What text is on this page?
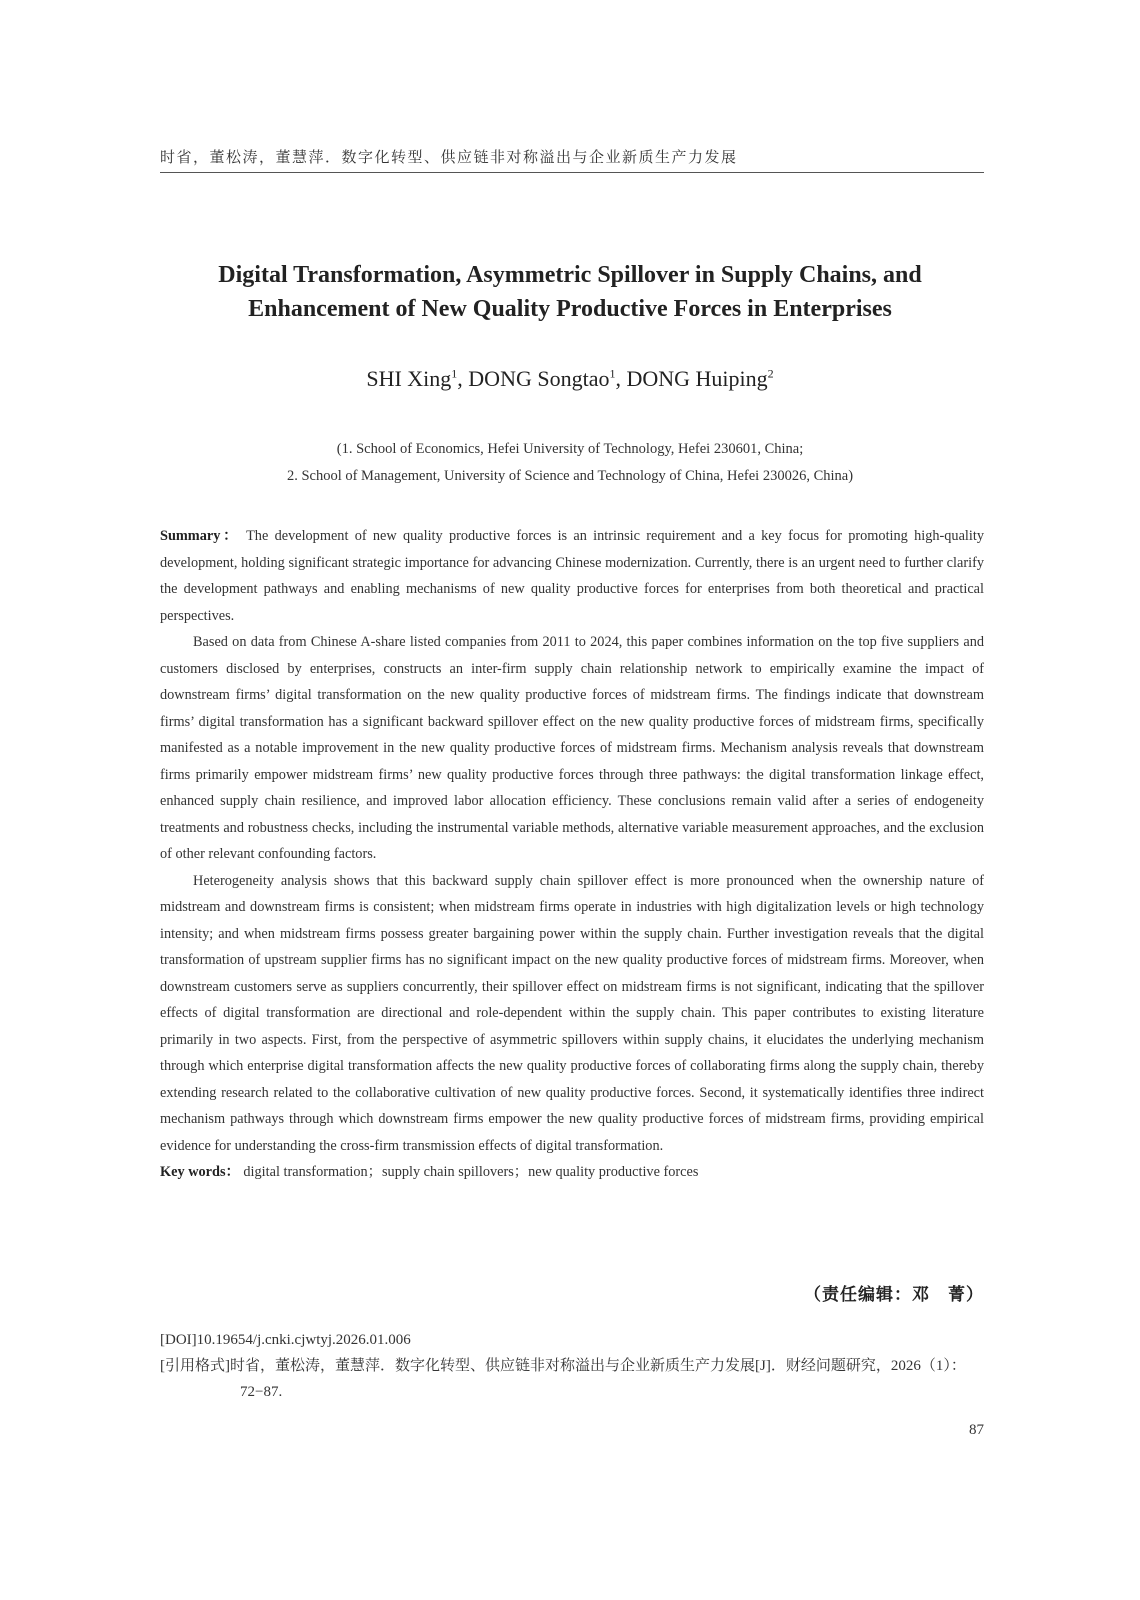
时省，董松涛，董慧萍．数字化转型、供应链非对称溢出与企业新质生产力发展
Digital Transformation, Asymmetric Spillover in Supply Chains, and
Enhancement of New Quality Productive Forces in Enterprises
SHI Xing$^1$, DONG Songtao$^1$, DONG Huiping$^2$
(1. School of Economics, Hefei University of Technology, Hefei 230601, China;
2. School of Management, University of Science and Technology of China, Hefei 230026, China)

Summary： The development of new quality productive forces is an intrinsic requirement and a key focus for promoting high-quality development, holding significant strategic importance for advancing Chinese modernization. Currently, there is an urgent need to further clarify the development pathways and enabling mechanisms of new quality productive forces for enterprises from both theoretical and practical perspectives.

Based on data from Chinese A-share listed companies from 2011 to 2024, this paper combines information on the top five suppliers and customers disclosed by enterprises, constructs an inter-firm supply chain relationship network to empirically examine the impact of downstream firms’ digital transformation on the new quality productive forces of midstream firms. The findings indicate that downstream firms’ digital transformation has a significant backward spillover effect on the new quality productive forces of midstream firms, specifically manifested as a notable improvement in the new quality productive forces of midstream firms. Mechanism analysis reveals that downstream firms primarily empower midstream firms’ new quality productive forces through three pathways: the digital transformation linkage effect, enhanced supply chain resilience, and improved labor allocation efficiency. These conclusions remain valid after a series of endogeneity treatments and robustness checks, including the instrumental variable methods, alternative variable measurement approaches, and the exclusion of other relevant confounding factors.

Heterogeneity analysis shows that this backward supply chain spillover effect is more pronounced when the ownership nature of midstream and downstream firms is consistent; when midstream firms operate in industries with high digitalization levels or high technology intensity; and when midstream firms possess greater bargaining power within the supply chain. Further investigation reveals that the digital transformation of upstream supplier firms has no significant impact on the new quality productive forces of midstream firms. Moreover, when downstream customers serve as suppliers concurrently, their spillover effect on midstream firms is not significant, indicating that the spillover effects of digital transformation are directional and role-dependent within the supply chain. This paper contributes to existing literature primarily in two aspects. First, from the perspective of asymmetric spillovers within supply chains, it elucidates the underlying mechanism through which enterprise digital transformation affects the new quality productive forces of collaborating firms along the supply chain, thereby extending research related to the collaborative cultivation of new quality productive forces. Second, it systematically identifies three indirect mechanism pathways through which downstream firms empower the new quality productive forces of midstream firms, providing empirical evidence for understanding the cross-firm transmission effects of digital transformation.

Key words： digital transformation；supply chain spillovers；new quality productive forces

（责任编辑：邓　菁）
[DOI]10.19654/j.cnki.cjwtyj.2026.01.006
[引用格式]时省，董松涛，董慧萍．数字化转型、供应链非对称溢出与企业新质生产力发展[J]．财经问题研究，2026（1）：72−87.
87
